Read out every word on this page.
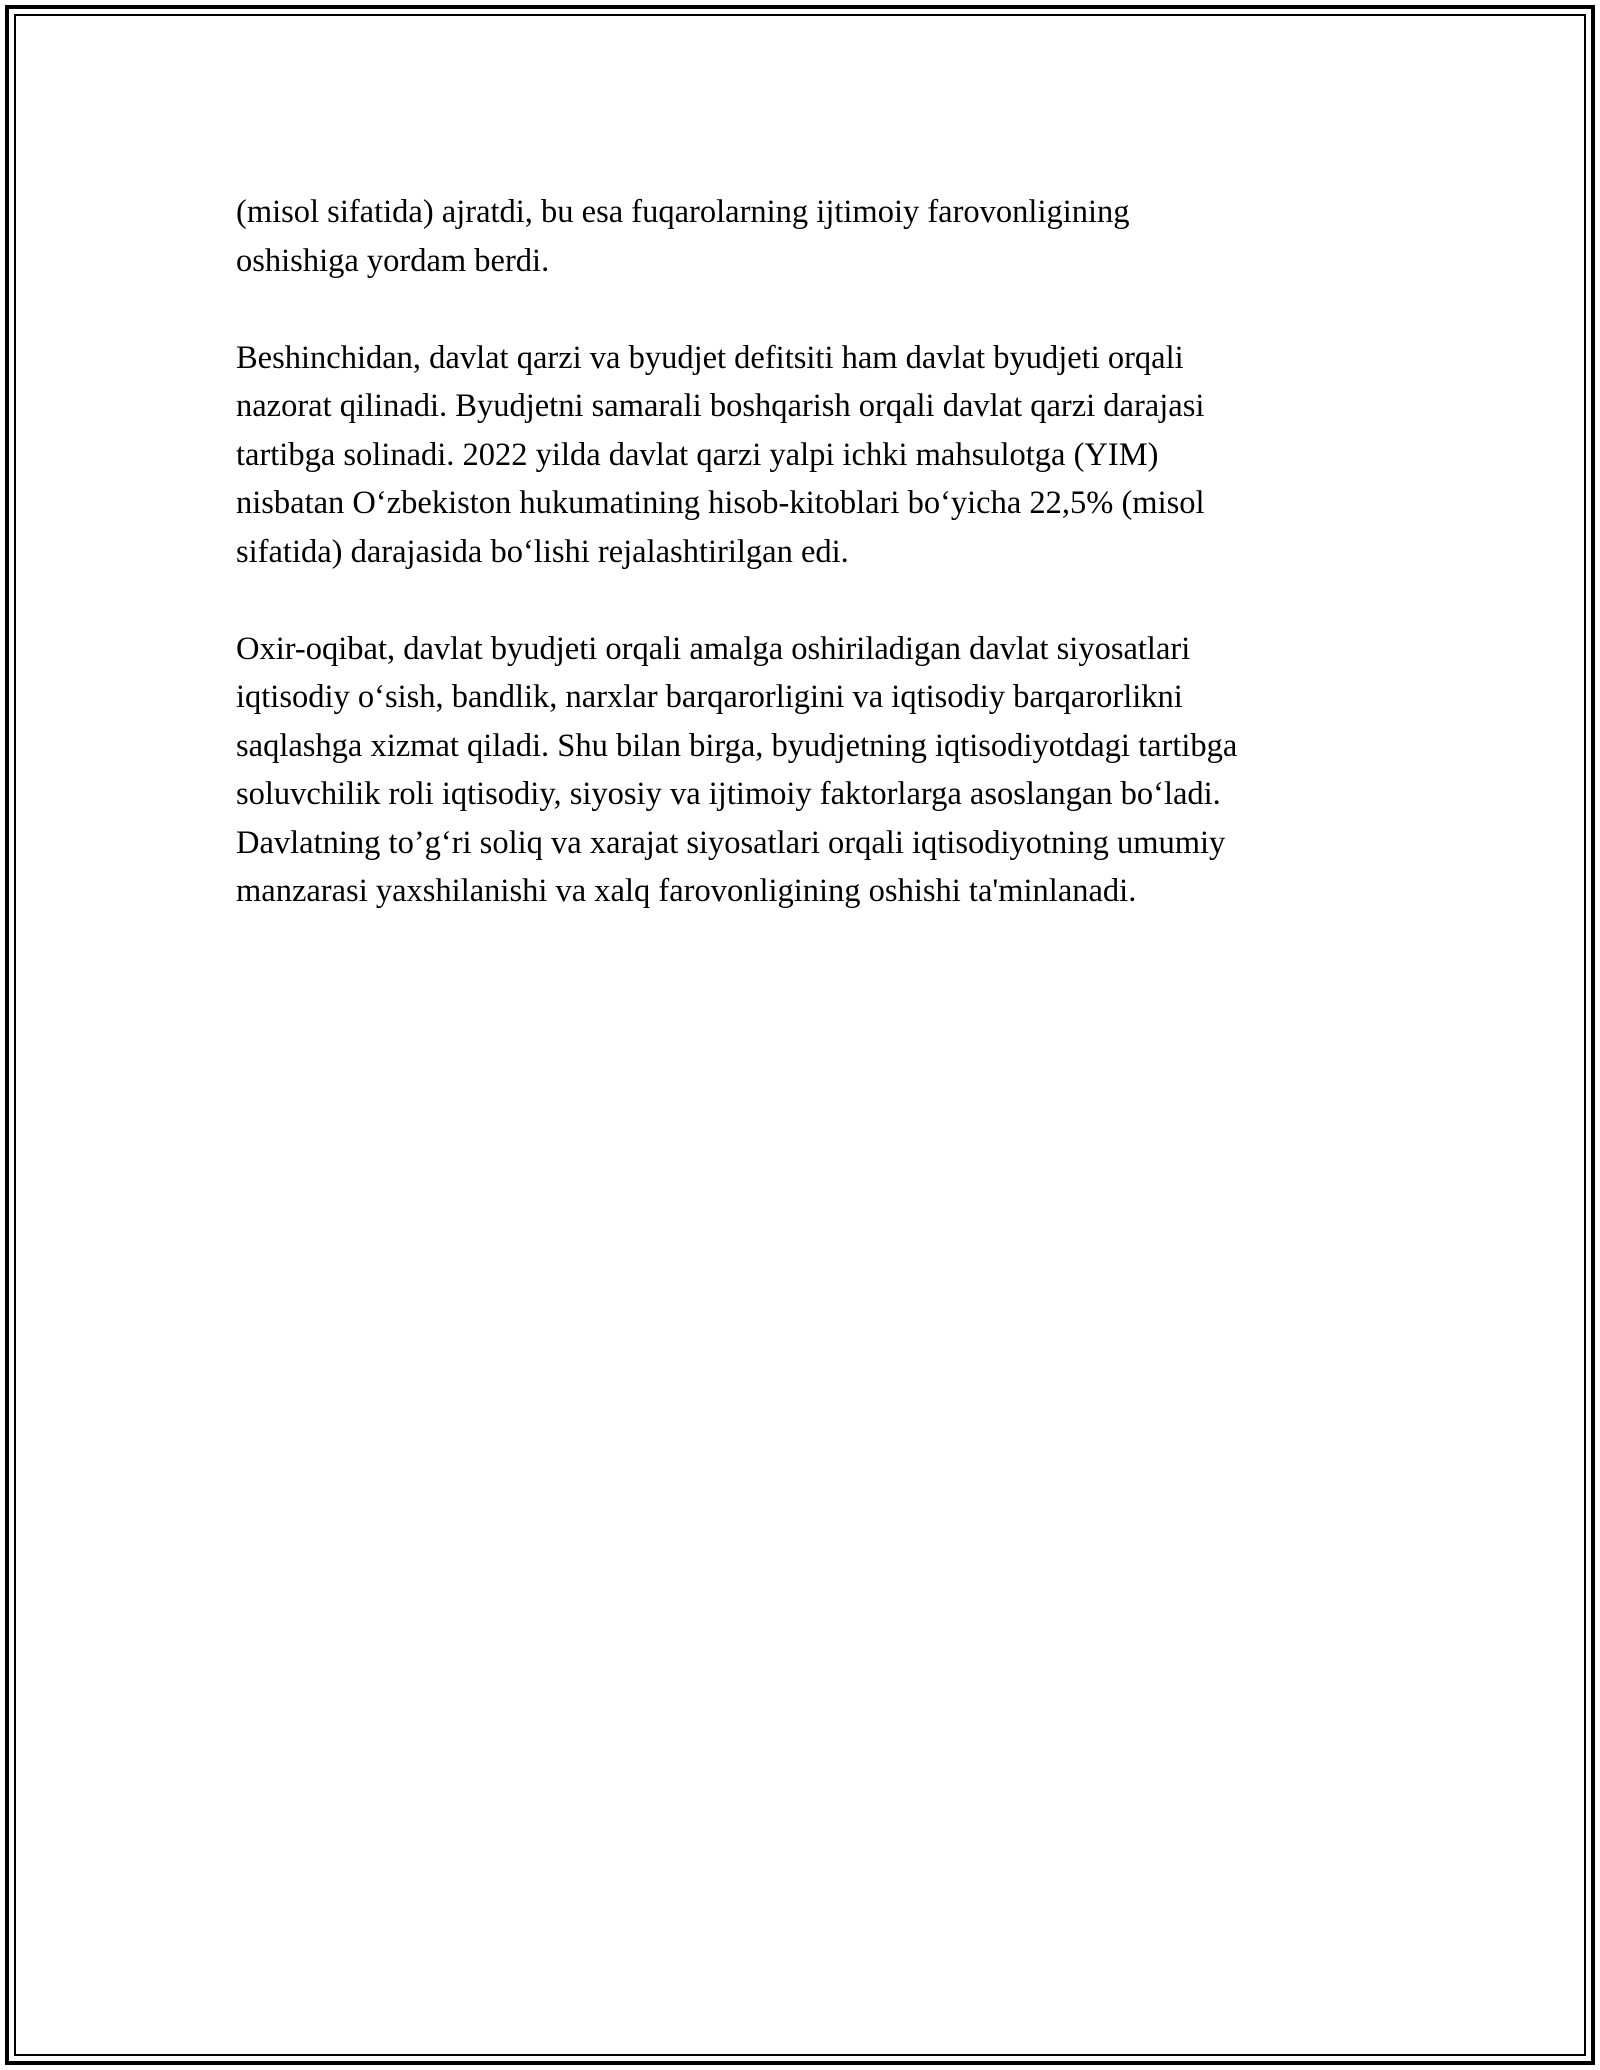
(misol sifatida) ajratdi, bu esa fuqarolarning ijtimoiy farovonligining
oshishiga yordam berdi.

Beshinchidan, davlat qarzi va byudjet defitsiti ham davlat byudjeti orqali
nazorat qilinadi. Byudjetni samarali boshqarish orqali davlat qarzi darajasi
tartibga solinadi. 2022 yilda davlat qarzi yalpi ichki mahsulotga (YIM)
nisbatan O‘zbekiston hukumatining hisob-kitoblari bo‘yicha 22,5% (misol
sifatida) darajasida bo‘lishi rejalashtirilgan edi.

Oxir-oqibat, davlat byudjeti orqali amalga oshiriladigan davlat siyosatlari
iqtisodiy o‘sish, bandlik, narxlar barqarorligini va iqtisodiy barqarorlikni
saqlashga xizmat qiladi. Shu bilan birga, byudjetning iqtisodiyotdagi tartibga
soluvchilik roli iqtisodiy, siyosiy va ijtimoiy faktorlarga asoslangan bo‘ladi.
Davlatning to’g‘ri soliq va xarajat siyosatlari orqali iqtisodiyotning umumiy
manzarasi yaxshilanishi va xalq farovonligining oshishi ta'minlanadi.
